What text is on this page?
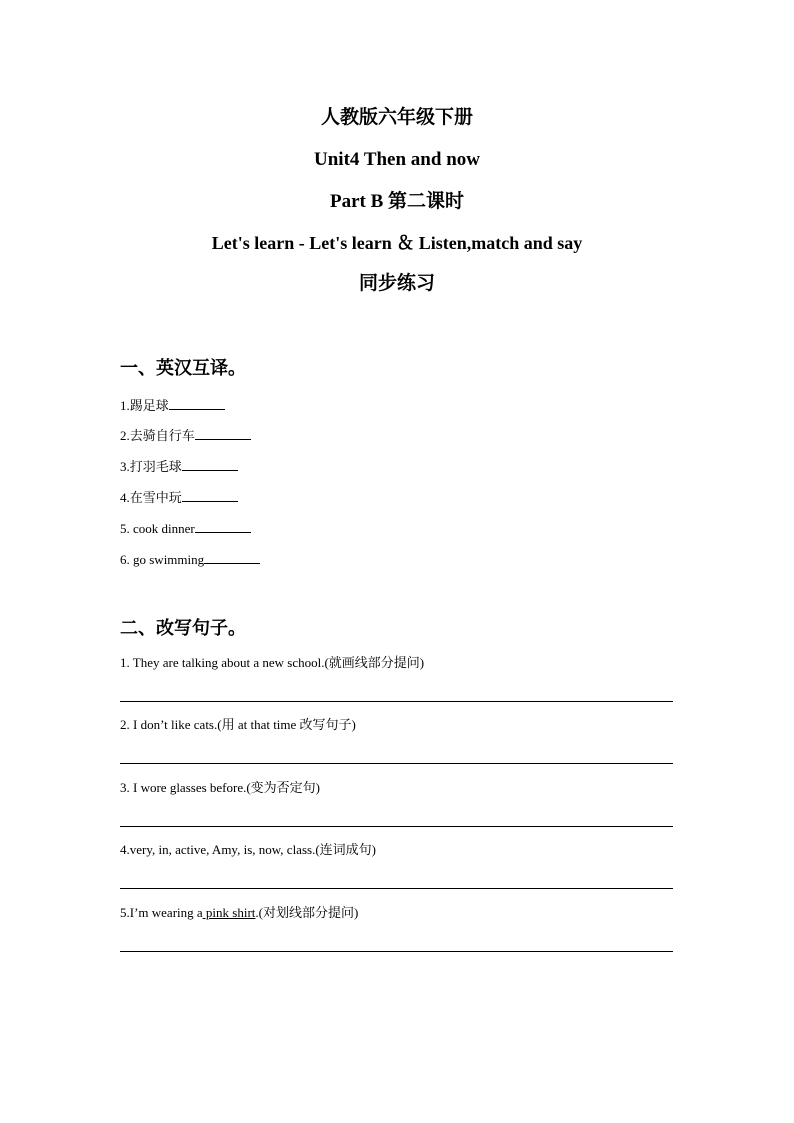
人教版六年级下册
Unit4 Then and now
Part B 第二课时
Let's learn - Let's learn ＆ Listen,match and say
同步练习
一、英汉互译。
1.踢足球
2.去骑自行车
3.打羽毛球
4.在雪中玩
5. cook dinner
6. go swimming
二、改写句子。
1. They are talking about a new school.(就画线部分提问)
2. I don’t like cats.(用 at that time 改写句子)
3. I wore glasses before.(变为否定句)
4.very, in, active, Amy, is, now, class.(连词成句)
5.I’m wearing a pink shirt.(对划线部分提问)
